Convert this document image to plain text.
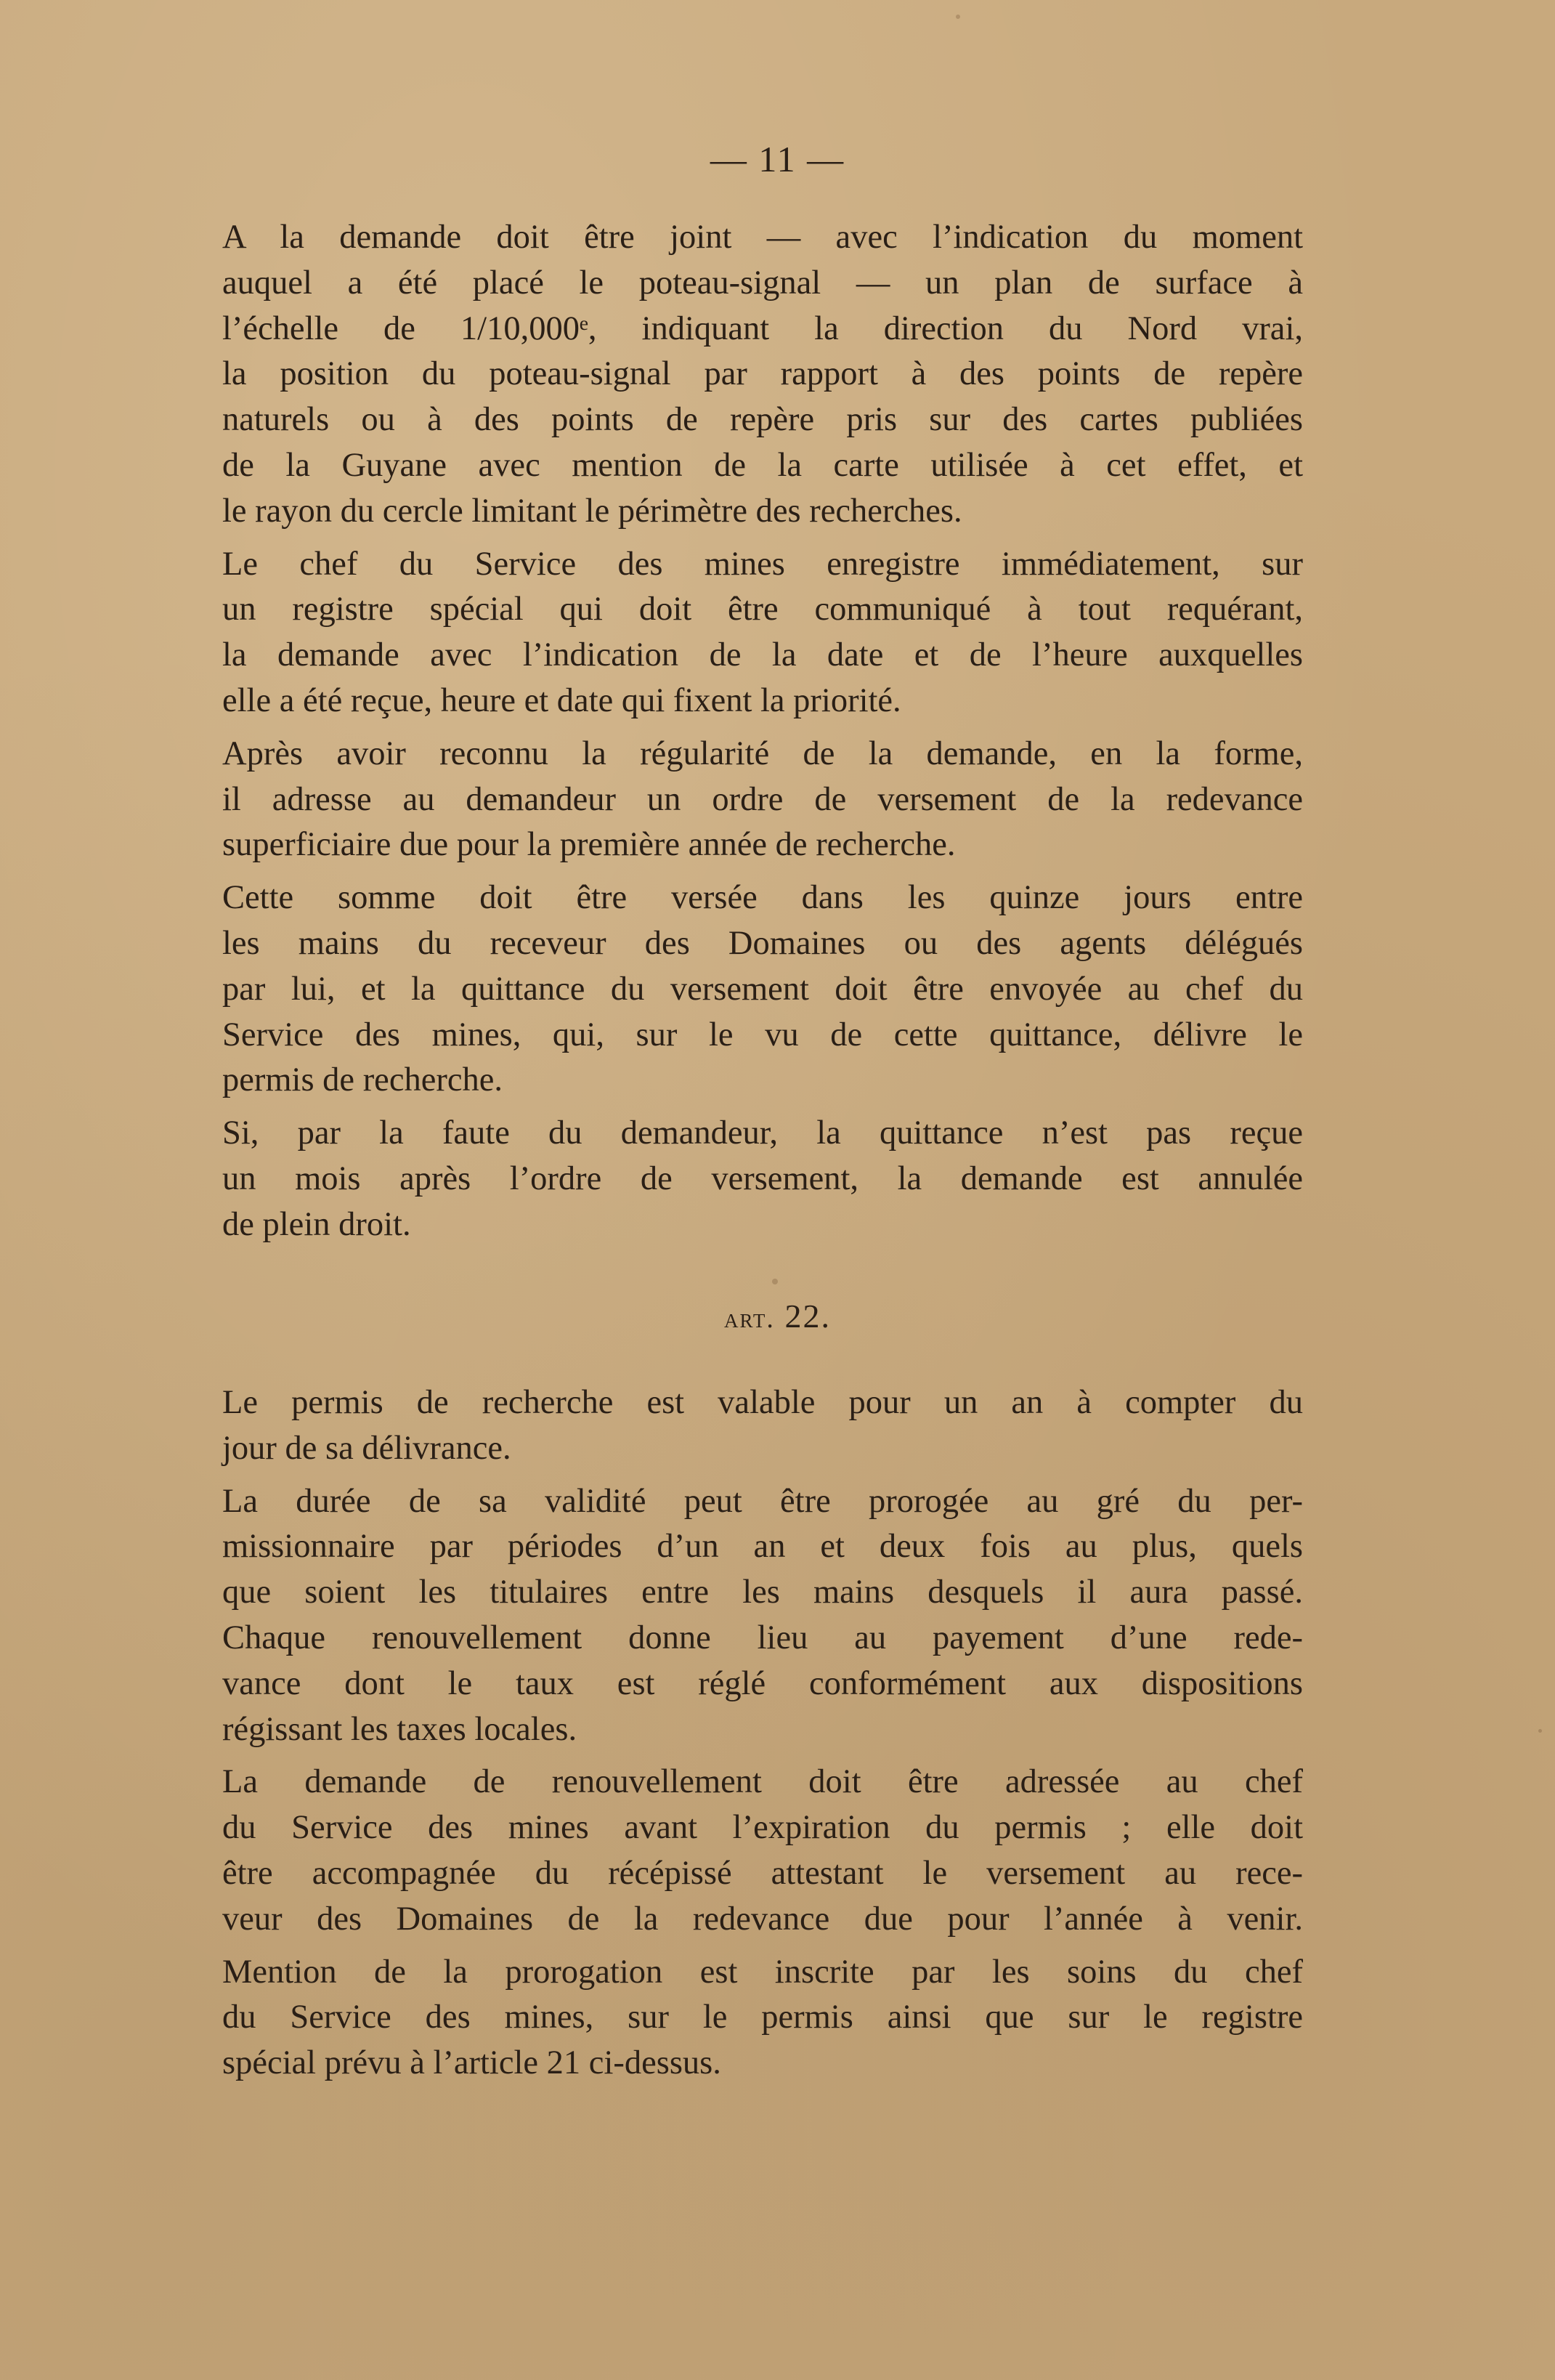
— 11 —

A la demande doit être joint — avec l’indication du moment
auquel a été placé le poteau-signal — un plan de surface à
l’échelle de 1/10,000ᵉ, indiquant la direction du Nord vrai,
la position du poteau-signal par rapport à des points de repère
naturels ou à des points de repère pris sur des cartes publiées
de la Guyane avec mention de la carte utilisée à cet effet, et
le rayon du cercle limitant le périmètre des recherches.

Le chef du Service des mines enregistre immédiatement, sur
un registre spécial qui doit être communiqué à tout requérant,
la demande avec l’indication de la date et de l’heure auxquelles
elle a été reçue, heure et date qui fixent la priorité.

Après avoir reconnu la régularité de la demande, en la forme,
il adresse au demandeur un ordre de versement de la redevance
superficiaire due pour la première année de recherche.

Cette somme doit être versée dans les quinze jours entre
les mains du receveur des Domaines ou des agents délégués
par lui, et la quittance du versement doit être envoyée au chef du
Service des mines, qui, sur le vu de cette quittance, délivre le
permis de recherche.

Si, par la faute du demandeur, la quittance n’est pas reçue
un mois après l’ordre de versement, la demande est annulée
de plein droit.

art. 22.

Le permis de recherche est valable pour un an à compter du
jour de sa délivrance.

La durée de sa validité peut être prorogée au gré du per-
missionnaire par périodes d’un an et deux fois au plus, quels
que soient les titulaires entre les mains desquels il aura passé.
Chaque renouvellement donne lieu au payement d’une rede-
vance dont le taux est réglé conformément aux dispositions
régissant les taxes locales.

La demande de renouvellement doit être adressée au chef
du Service des mines avant l’expiration du permis ; elle doit
être accompagnée du récépissé attestant le versement au rece-
veur des Domaines de la redevance due pour l’année à venir.

Mention de la prorogation est inscrite par les soins du chef
du Service des mines, sur le permis ainsi que sur le registre
spécial prévu à l’article 21 ci-dessus.
